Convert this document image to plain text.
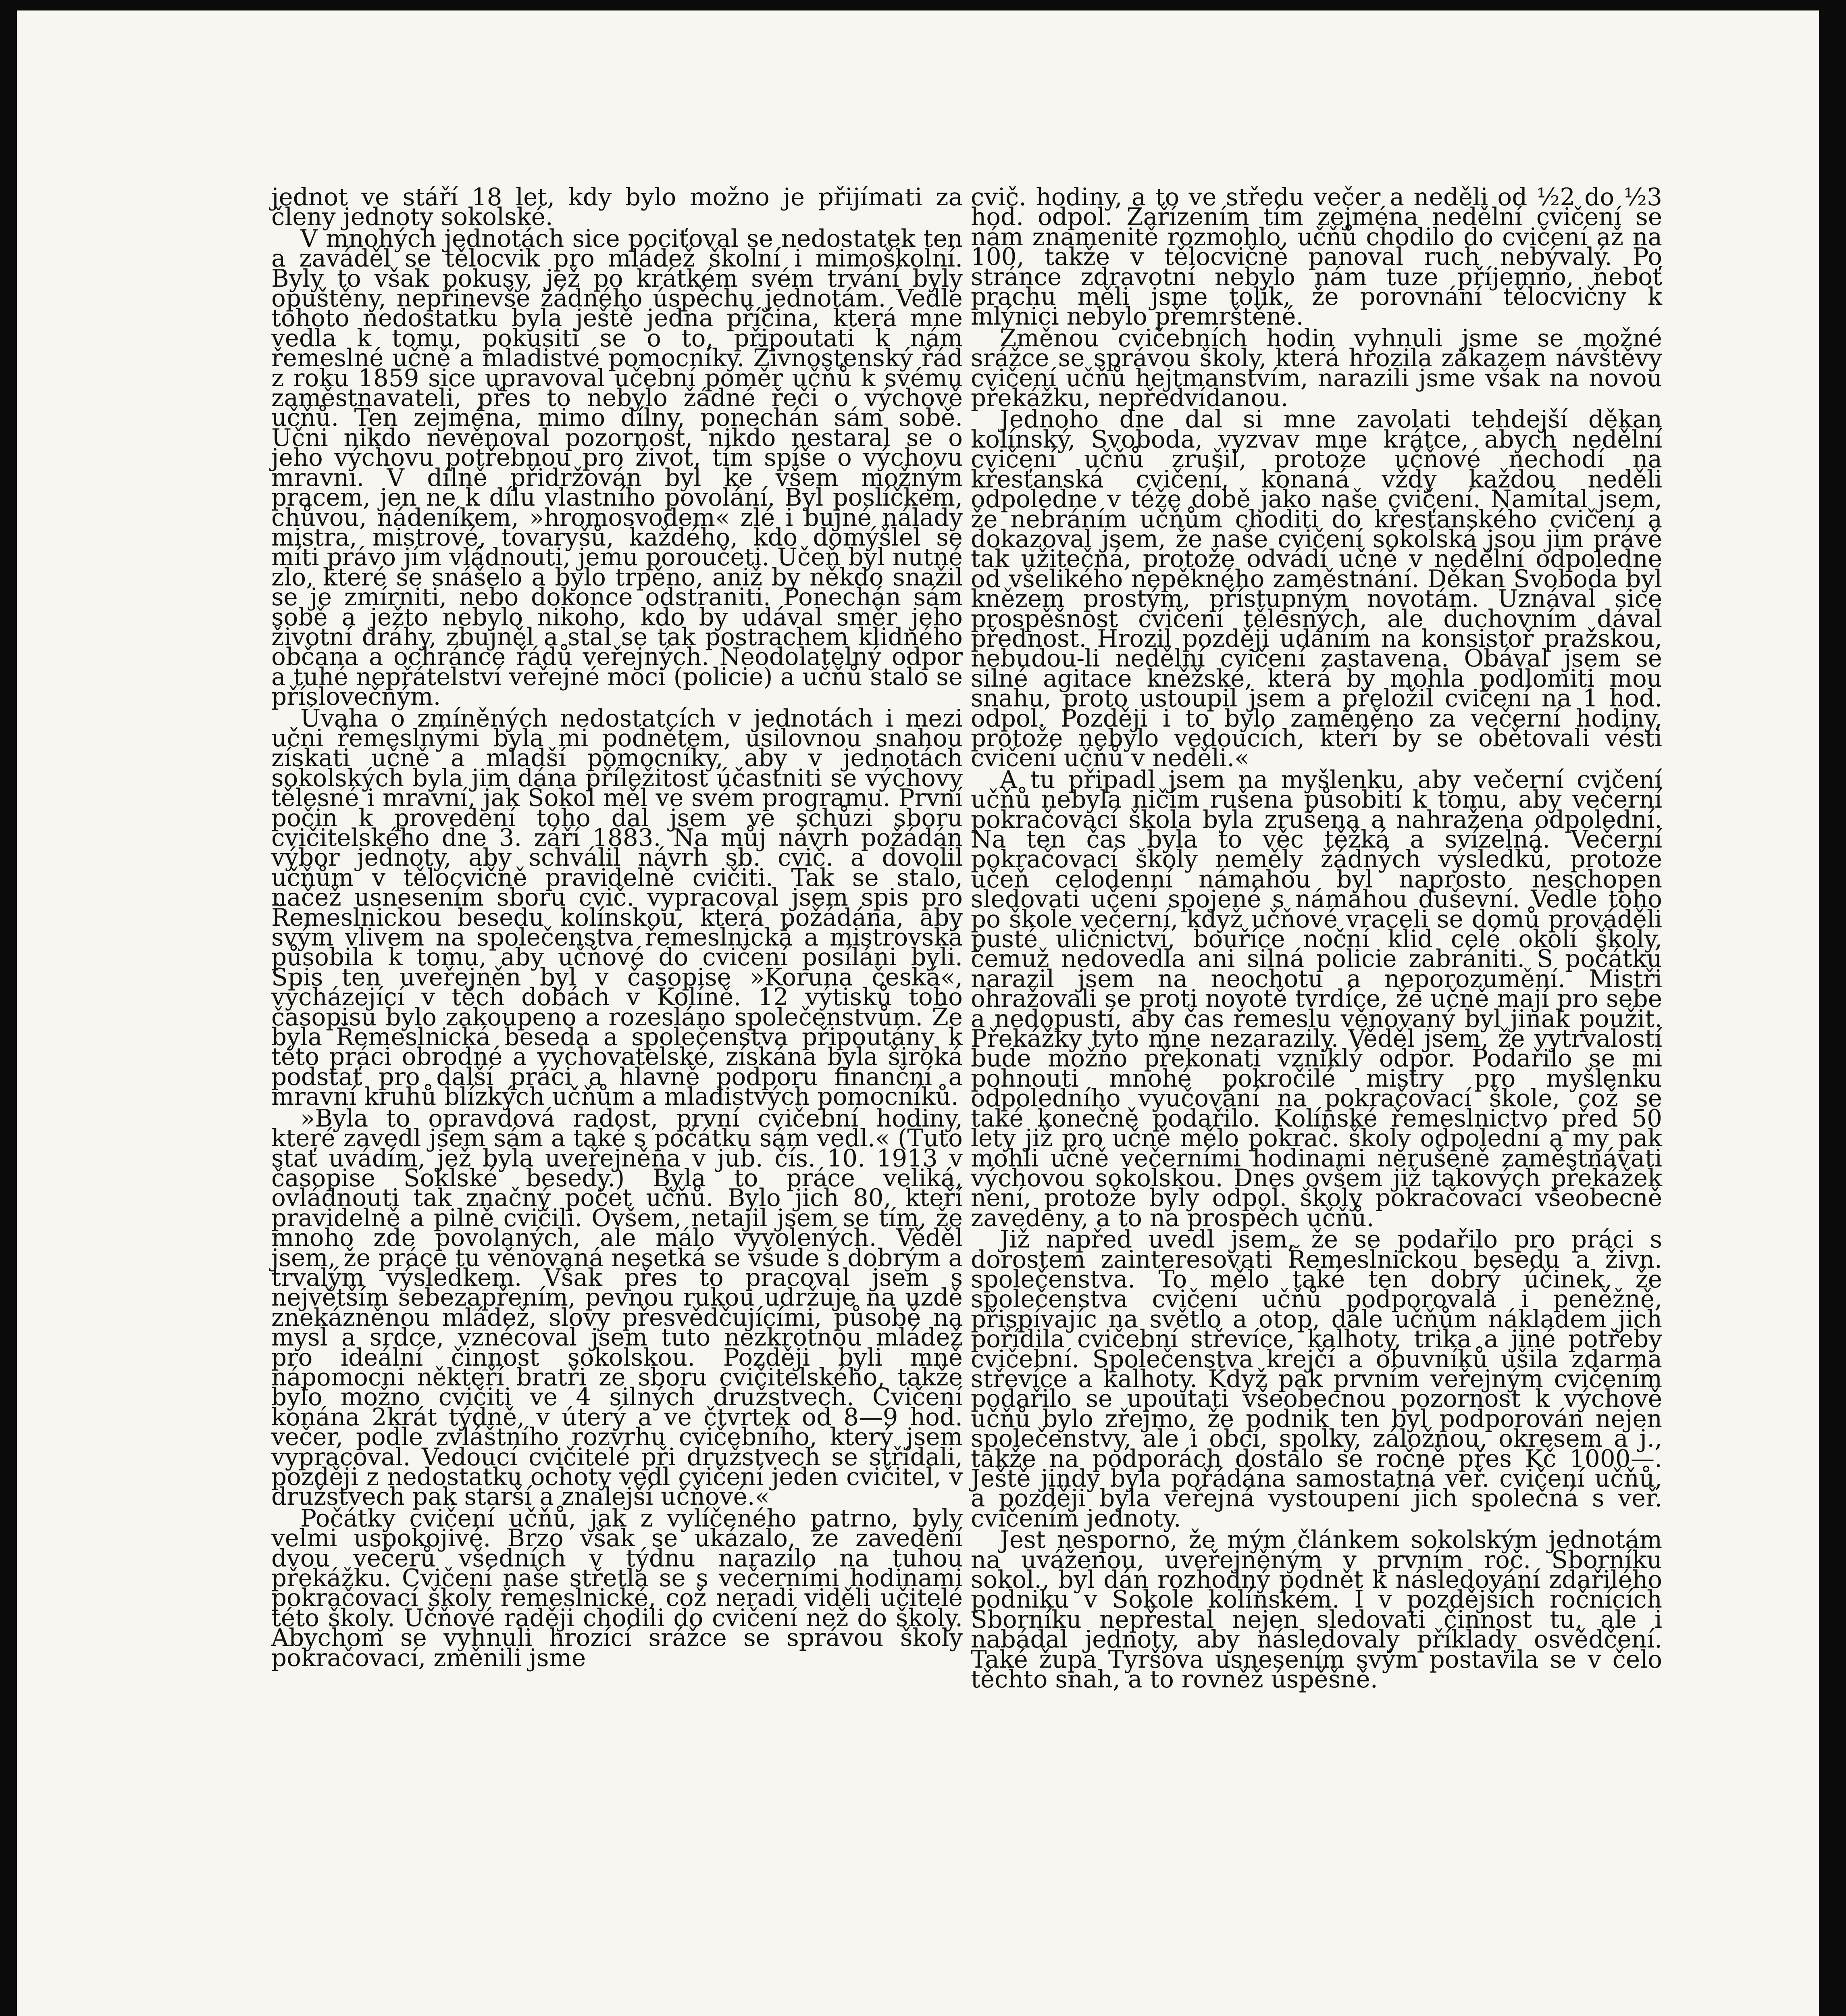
jednot ve stáří 18 let, kdy bylo možno je přijímati za členy jednoty sokolské.

V mnohých jednotách sice pociťoval se nedostatek ten a zaváděl se tělocvik pro mládež školní i mimoškolní. Byly to však pokusy, jež po krátkém svém trvání byly opuštěny, nepřinevše žádného úspěchu jednotám. Vedle tohoto nedostatku byla ještě jedna příčina, která mne vedla k tomu, pokusiti se o to, připoutati k nám řemeslné učně a mladistvé pomocníky. Živnostenský řád z roku 1859 sice upravoval učební poměr učňů k svému zaměstnavateli, přes to nebylo žádné řeči o výchově učňů. Ten zejména, mimo dílny, ponechán sám sobě. Učni nikdo nevěnoval pozornost, nikdo nestaral se o jeho výchovu potřebnou pro život, tím spíše o výchovu mravní. V dílně přidržován byl ke všem možným pracem, jen ne k dílu vlastního povolání. Byl poslíčkem, chůvou, nádeníkem, »hromosvodem« zlé i bujné nálady mistra, mistrové, tovaryšů, každého, kdo domýšlel se míti právo jím vládnouti, jemu poroučeti. Učeň byl nutné zlo, které se snášelo a bylo trpěno, aniž by někdo snažil se je zmírniti, nebo dokonce odstraniti. Ponechán sám sobě a ježto nebylo nikoho, kdo by udával směr jeho životní dráhy, zbujněl a stal se tak postrachem klidného občana a ochránce řádů veřejných. Neodolatelný odpor a tuhé nepřátelství veřejné moci (policie) a učňů stalo se příslovečným.

Úvaha o zmíněných nedostatcích v jednotách i mezi učni řemeslnými byla mi podnětem, usilovnou snahou získati učně a mladší pomocníky, aby v jednotách sokolských byla jim dána příležitost účastniti se výchovy tělesné i mravní, jak Sokol měl ve svém programu. První počin k provedení toho dal jsem ve schůzi sboru cvičitelského dne 3. září 1883. Na můj návrh požádán výbor jednoty, aby schválil návrh sb. cvič. a dovolil učňům v tělocvičně pravidelně cvičiti. Tak se stalo, načež usnesením sboru cvič. vypracoval jsem spis pro Řemeslnickou besedu kolínskou, která požádána, aby svým vlivem na společenstva řemeslnická a mistrovská působila k tomu, aby učňové do cvičení posíláni byli. Spis ten uveřejněn byl v časopise »Koruna česká«, vycházející v těch dobách v Kolíně. 12 výtisků toho časopisu bylo zakoupeno a rozesláno společenstvům. Že byla Řemeslnická beseda a společenstva připoutány k této práci obrodné a vychovatelské, získána byla široká podstať pro další práci a hlavně podporu finanční a mravní kruhů blízkých učňům a mladistvých pomocníků.

»Byla to opravdová radost, první cvičební hodiny, které zavedl jsem sám a také s počátku sám vedl.« (Tuto stať uvádím, jež byla uveřejněna v jub. čís. 10. 1913 v časopise Soklské besedy.) Byla to práce veliká, ovládnouti tak značný počet učňů. Bylo jich 80, kteří pravidelně a pilně cvičili. Ovšem, netajil jsem se tím, že mnoho zde povolaných, ale málo vyvolených. Věděl jsem, že práce tu věnovaná nesetká se všude s dobrým a trvalým výsledkem. Však přes to pracoval jsem s největším sebezapřením, pevnou rukou udržuje na uzdě znekázněnou mládež, slovy přesvědčujícími, působě na mysl a srdce, vznécoval jsem tuto nezkrotnou mládež pro ideální činnost sokolskou. Později byli mně nápomocni někteří bratři ze sboru cvičitelského, takže bylo možno cvičiti ve 4 silných družstvech. Cvičení konána 2krát týdně, v úterý a ve čtvrtek od 8—9 hod. večer, podle zvláštního rozvrhu cvičebního, který jsem vypracoval. Vedoucí cvičitelé při družstvech se střídali, později z nedostatku ochoty vedl cvičení jeden cvičitel, v družstvech pak starší a znalejší učňové.«

Počátky cvičení učňů, jak z vylíčeného patrno, byly velmi uspokojivé. Brzo však se ukázalo, že zavedení dvou večerů všedních v týdnu narazilo na tuhou překážku. Cvičení naše střetla se s večerními hodinami pokračovací školy řemeslnické, což neradi viděli učitelé této školy. Učňové raději chodili do cvičení než do školy. Abychom se vyhnuli hrozící srážce se správou školy pokračovací, změnili jsme

cvič. hodiny, a to ve středu večer a neděli od ½2 do ½3 hod. odpol. Zařízením tím zejména nedělní cvičení se nám znamenitě rozmohlo, učňů chodilo do cvičení až na 100, takže v tělocvičně panoval ruch nebývalý. Po stránce zdravotní nebylo nám tuze příjemno, neboť prachu měli jsme tolik, že porovnání tělocvičny k mlýnici nebylo přemrštěné.

Změnou cvičebních hodin vyhnuli jsme se možné srážce se správou školy, která hrozila zákazem návštěvy cvičení učňů hejtmanstvím, narazili jsme však na novou překážku, nepředvídanou.

Jednoho dne dal si mne zavolati tehdejší děkan kolínský, Svoboda, vyzvav mne krátce, abych nedělní cvičení učňů zrušil, protože učňové nechodí na křesťanská cvičení, konaná vždy každou neděli odpoledne v téže době jako naše cvičení. Namítal jsem, že nebráním učňům choditi do křesťanského cvičení a dokazoval jsem, že naše cvičení sokolská jsou jim právě tak užitečná, protože odvádí učně v nedělní odpoledne od všelikého nepěkného zaměstnání. Děkan Svoboda byl knězem prostým, přístupným novotám. Uznával sice prospěšnost cvičení tělesných, ale duchovním dával přednost. Hrozil později udáním na konsistoř pražskou, nebudou-li nedělní cvičení zastavena. Obával jsem se silné agitace kněžské, která by mohla podlomiti mou snahu, proto ustoupil jsem a přeložil cvičení na 1 hod. odpol. Později i to bylo zaměněno za večerní hodiny, protože nebylo vedoucích, kteří by se obětovali vésti cvičení učňů v neděli.«

A tu připadl jsem na myšlenku, aby večerní cvičení učňů nebyla ničím rušena působiti k tomu, aby večerní pokračovací škola byla zrušena a nahražena odpolední. Na ten čas byla to věc těžká a svízelná. Večerní pokračovací školy neměly žádných výsledků, protože učeň celodenní námahou byl naprosto neschopen sledovati učení spojené s námahou duševní. Vedle toho po škole večerní, když učňové vraceli se domů prováděli pusté uličnictví, bouříce noční klid celé okolí školy, čemuž nedovedla ani silná policie zabrániti. S počátku narazil jsem na neochotu a neporozumění. Mistři ohražovali se proti novotě tvrdíce, že učně mají pro sebe a nedopustí, aby čas řemeslu věnovaný byl jinak použit. Překážky tyto mne nezarazily. Věděl jsem, že vytrvalostí bude možno překonati vzniklý odpor. Podařilo se mi pohnouti mnohé pokročilé mistry pro myšlenku odpoledního vyučování na pokračovací škole, což se také konečně podařilo. Kolínské řemeslnictvo před 50 lety již pro učně mělo pokrač. školy odpolední a my pak mohli učně večerními hodinami nerušeně zaměstnávati výchovou sokolskou. Dnes ovšem již takových překážek není, protože byly odpol. školy pokračovací všeobecně zavedeny, a to na prospěch učňů.

Již napřed uvedl jsem, že se podařilo pro práci s dorostem zainteresovati Řemeslnickou besedu a živn. společenstva. To mělo také ten dobrý účinek, že společenstva cvičení učňů podporovala i peněžně, přispívajíc na světlo a otop, dále učňům nákladem jich pořídila cvičební střevíce, kalhoty, trika a jiné potřeby cvičební. Společenstva krejčí a obuvníků ušila zdarma střevíce a kalhoty. Když pak prvním veřejným cvičením podařilo se upoutati všeobecnou pozornost k výchově učňů bylo zřejmo, že podnik ten byl podporován nejen společenstvy, ale i obcí, spolky, záložnou, okresem a j., takže na podporách dostalo se ročně přes Kč 1000—. Ještě jindy byla pořádána samostatná veř. cvičení učňů, a později byla veřejná vystoupení jich společná s veř. cvičením jednoty.

Jest nesporno, že mým článkem sokolským jednotám na uváženou, uveřejněným v prvním roč. Sborníku sokol., byl dán rozhodný podnět k následování zdařilého podniku v Sokole kolínském. I v pozdějších ročnících Sborníku nepřestal nejen sledovati činnost tu, ale i nabádal jednoty, aby následovaly příklady osvědčení. Také župa Tyršova usnesením svým postavila se v čelo těchto snah, a to rovněž úspěšně.
